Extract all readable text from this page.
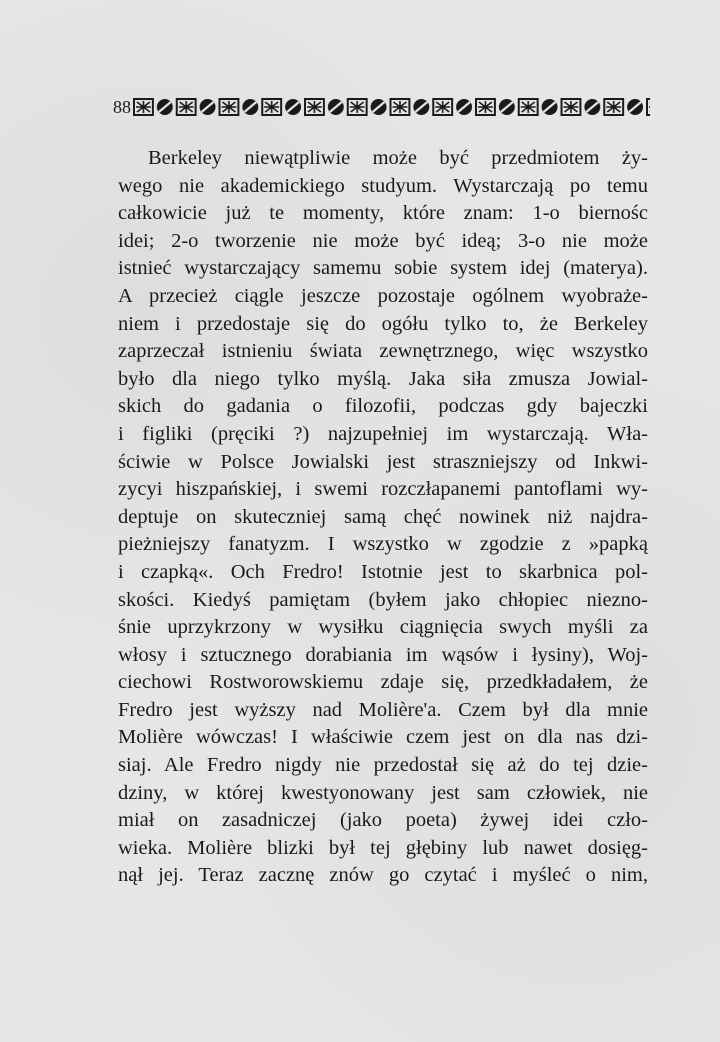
88
Berkeley niewątpliwie może być przedmiotem ży-
wego nie akademickiego studyum. Wystarczają po temu
całkowicie już te momenty, które znam: 1-o biernośc
idei; 2-o tworzenie nie może być ideą; 3-o nie może
istnieć wystarczający samemu sobie system idej (materya).
A przecież ciągle jeszcze pozostaje ogólnem wyobraże-
niem i przedostaje się do ogółu tylko to, że Berkeley
zaprzeczał istnieniu świata zewnętrznego, więc wszystko
było dla niego tylko myślą. Jaka siła zmusza Jowial-
skich do gadania o filozofii, podczas gdy bajeczki
i figliki (pręciki ?) najzupełniej im wystarczają. Wła-
ściwie w Polsce Jowialski jest straszniejszy od Inkwi-
zycyi hiszpańskiej, i swemi rozczłapanemi pantoflami wy-
deptuje on skuteczniej samą chęć nowinek niż najdra-
pieżniejszy fanatyzm. I wszystko w zgodzie z »papką
i czapką«. Och Fredro! Istotnie jest to skarbnica pol-
skości. Kiedyś pamiętam (byłem jako chłopiec niezno-
śnie uprzykrzony w wysiłku ciągnięcia swych myśli za
włosy i sztucznego dorabiania im wąsów i łysiny), Woj-
ciechowi Rostworowskiemu zdaje się, przedkładałem, że
Fredro jest wyższy nad Molière'a. Czem był dla mnie
Molière wówczas! I właściwie czem jest on dla nas dzi-
siaj. Ale Fredro nigdy nie przedostał się aż do tej dzie-
dziny, w której kwestyonowany jest sam człowiek, nie
miał on zasadniczej (jako poeta) żywej idei czło-
wieka. Molière blizki był tej głębiny lub nawet dosięg-
nął jej. Teraz zacznę znów go czytać i myśleć o nim,
